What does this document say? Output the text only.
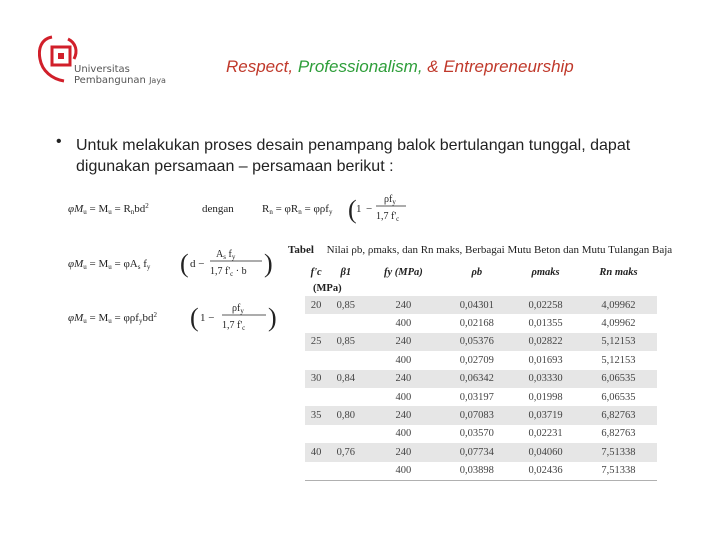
Universitas
Pembangunan Jaya
Respect, Professionalism, & Entrepreneurship
• Untuk melakukan proses desain penampang balok bertulangan tunggal, dapat digunakan persamaan – persamaan berikut :
φMu = Mu = Rnbd$^2$	dengan
φMu = Mu = φAs fy ( d −
$A_s$ $f_y$
1,7 $f'_c \cdot b$ )
φMu = Mu = φρfybd$^2$ ( 1 −
$\rho f_y$
1,7 $f'_c$ )
Rn = φRn = φρfy ( 1 −
$\rho f_y$
1,7 $f'_c$
Tabel Nilai ρb, ρmaks, dan Rn maks, Berbagai Mutu Beton dan Mutu Tulangan Baja
f'c	β1	fy (MPa)	ρb	ρmaks	Rn maks
(MPa)					
20	0,85	240	0,04301	0,02258	4,09962
		400	0,02168	0,01355	4,09962
25	0,85	240	0,05376	0,02822	5,12153
		400	0,02709	0,01693	5,12153
30	0,84	240	0,06342	0,03330	6,06535
		400	0,03197	0,01998	6,06535
35	0,80	240	0,07083	0,03719	6,82763
		400	0,03570	0,02231	6,82763
40	0,76	240	0,07734	0,04060	7,51338
		400	0,03898	0,02436	7,51338
